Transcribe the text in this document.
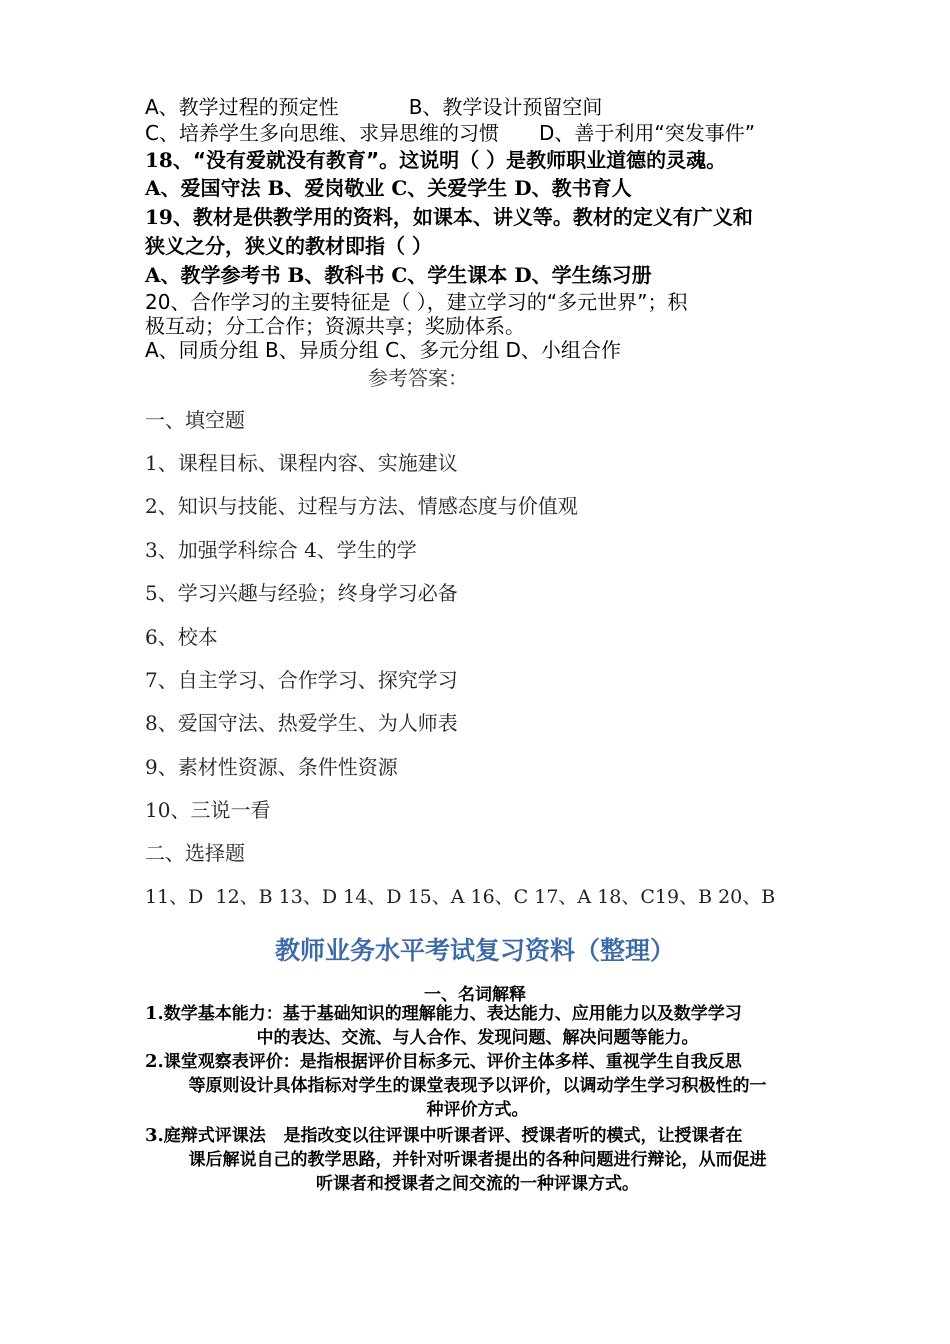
A、教学过程的预定性	B、教学设计预留空间
C、培养学生多向思维、求异思维的习惯 D、善于利用“突发事件”
18、“没有爱就没有教育”。这说明（ ）是教师职业道德的灵魂。
A、爱国守法 B、爱岗敬业 C、关爱学生 D、教书育人
19、教材是供教学用的资料，如课本、讲义等。教材的定义有广义和
狭义之分，狭义的教材即指（ ）
A、教学参考书 B、教科书 C、学生课本 D、学生练习册
20、合作学习的主要特征是（ ），建立学习的“多元世界”；积
极互动；分工合作；资源共享；奖励体系。
A、同质分组 B、异质分组 C、多元分组 D、小组合作
参考答案：
一、填空题
1、课程目标、课程内容、实施建议
2、知识与技能、过程与方法、情感态度与价值观
3、加强学科综合 4、学生的学
5、学习兴趣与经验；终身学习必备
6、校本
7、自主学习、合作学习、探究学习
8、爱国守法、热爱学生、为人师表
9、素材性资源、条件性资源
10、三说一看
二、选择题
11、D  12、B 13、D 14、D 15、A 16、C 17、A 18、C19、B 20、B
教师业务水平考试复习资料（整理）
一、名词解释
1.数学基本能力：基于基础知识的理解能力、表达能力、应用能力以及数学学习
中的表达、交流、与人合作、发现问题、解决问题等能力。
2.课堂观察表评价：是指根据评价目标多元、评价主体多样、重视学生自我反思
等原则设计具体指标对学生的课堂表现予以评价，以调动学生学习积极性的一
种评价方式。
3.庭辩式评课法   是指改变以往评课中听课者评、授课者听的模式，让授课者在
课后解说自己的教学思路，并针对听课者提出的各种问题进行辩论，从而促进
听课者和授课者之间交流的一种评课方式。
